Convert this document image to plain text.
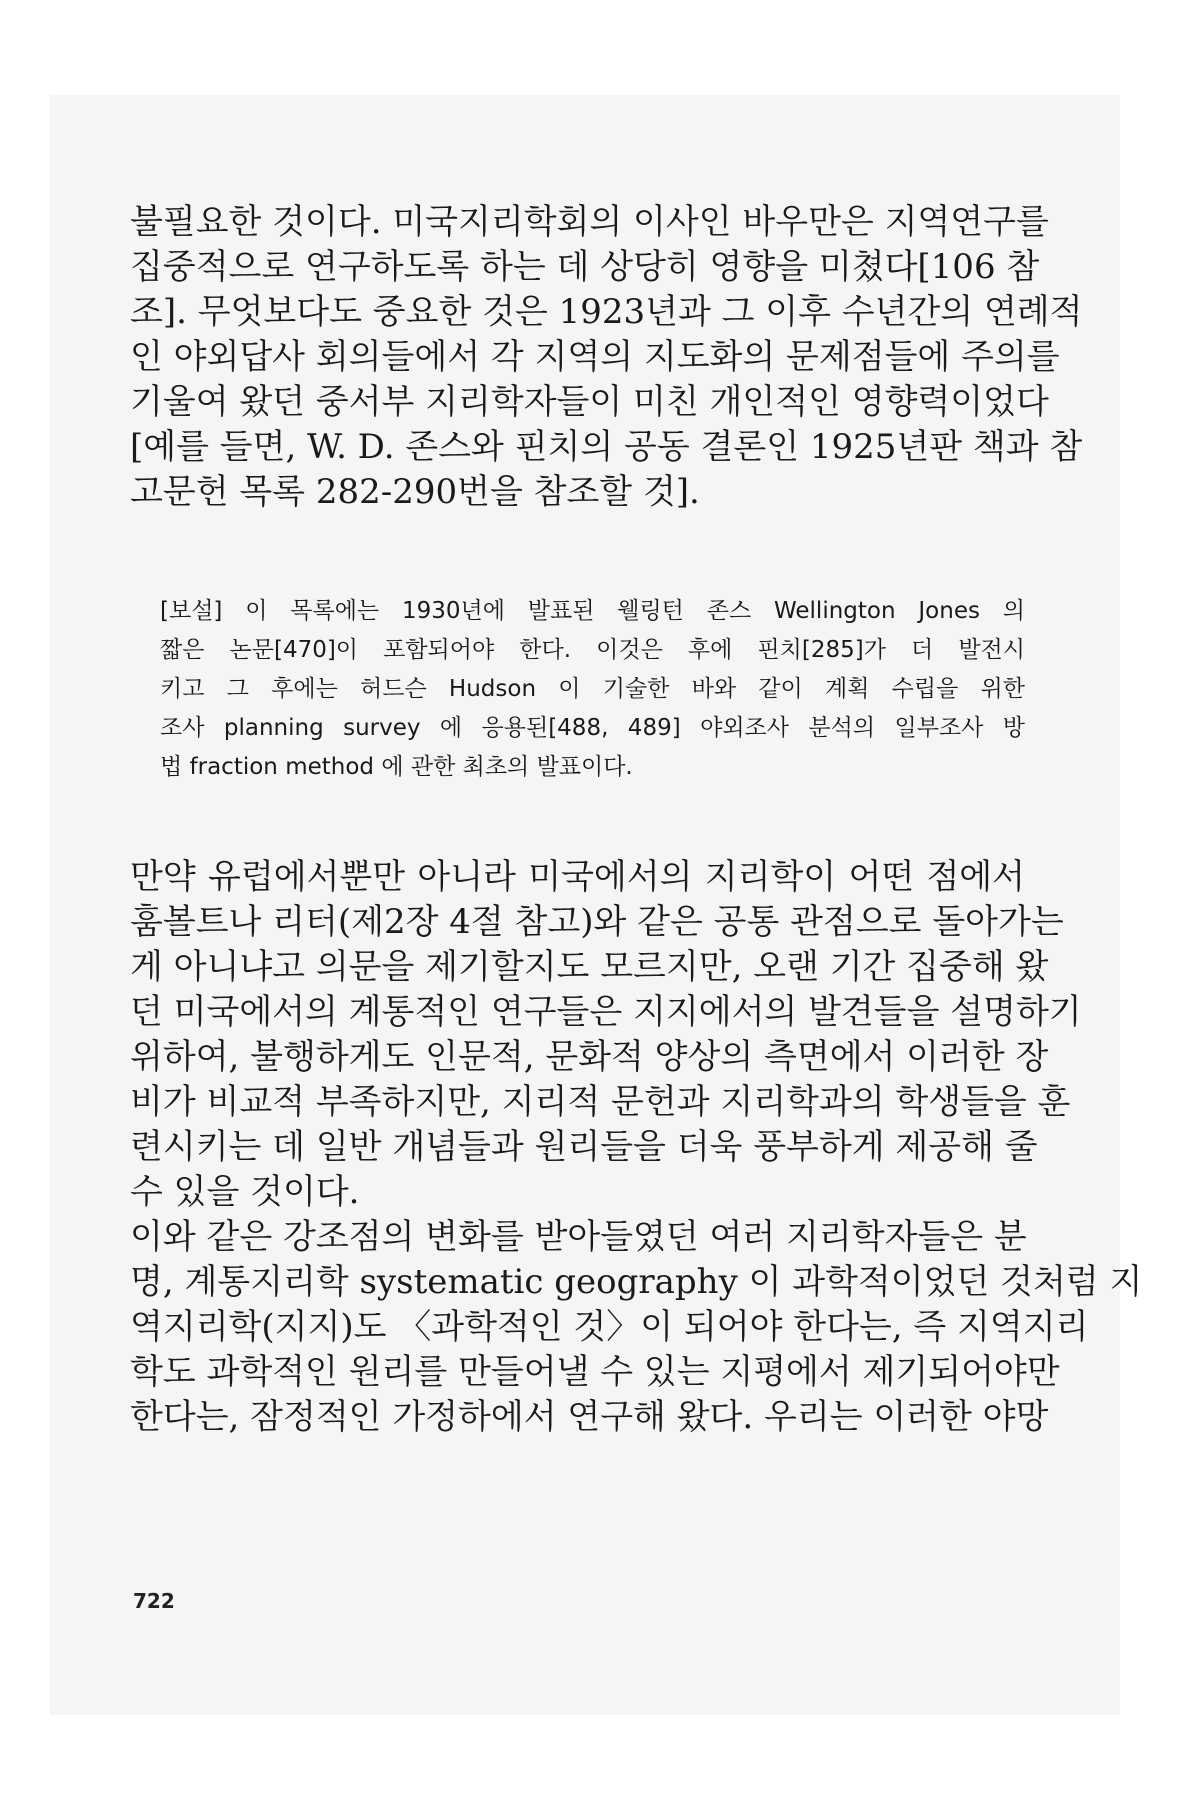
불필요한 것이다. 미국지리학회의 이사인 바우만은 지역연구를
집중적으로 연구하도록 하는 데 상당히 영향을 미쳤다[106 참
조]. 무엇보다도 중요한 것은 1923년과 그 이후 수년간의 연례적
인 야외답사 회의들에서 각 지역의 지도화의 문제점들에 주의를
기울여 왔던 중서부 지리학자들이 미친 개인적인 영향력이었다
[예를 들면, W. D. 존스와 핀치의 공동 결론인 1925년판 책과 참
고문헌 목록 282-290번을 참조할 것].
[보설] 이 목록에는 1930년에 발표된 웰링턴 존스 Wellington Jones 의
짧은 논문[470]이 포함되어야 한다. 이것은 후에 핀치[285]가 더 발전시
키고 그 후에는 허드슨 Hudson 이 기술한 바와 같이 계획 수립을 위한
조사 planning survey 에 응용된[488, 489] 야외조사 분석의 일부조사 방
법 fraction method 에 관한 최초의 발표이다.
만약 유럽에서뿐만 아니라 미국에서의 지리학이 어떤 점에서
훔볼트나 리터(제2장 4절 참고)와 같은 공통 관점으로 돌아가는
게 아니냐고 의문을 제기할지도 모르지만, 오랜 기간 집중해 왔
던 미국에서의 계통적인 연구들은 지지에서의 발견들을 설명하기
위하여, 불행하게도 인문적, 문화적 양상의 측면에서 이러한 장
비가 비교적 부족하지만, 지리적 문헌과 지리학과의 학생들을 훈
련시키는 데 일반 개념들과 원리들을 더욱 풍부하게 제공해 줄
수 있을 것이다.
이와 같은 강조점의 변화를 받아들였던 여러 지리학자들은 분
명, 계통지리학 systematic geography 이 과학적이었던 것처럼 지
역지리학(지지)도 〈과학적인 것〉이 되어야 한다는, 즉 지역지리
학도 과학적인 원리를 만들어낼 수 있는 지평에서 제기되어야만
한다는, 잠정적인 가정하에서 연구해 왔다. 우리는 이러한 야망
722
